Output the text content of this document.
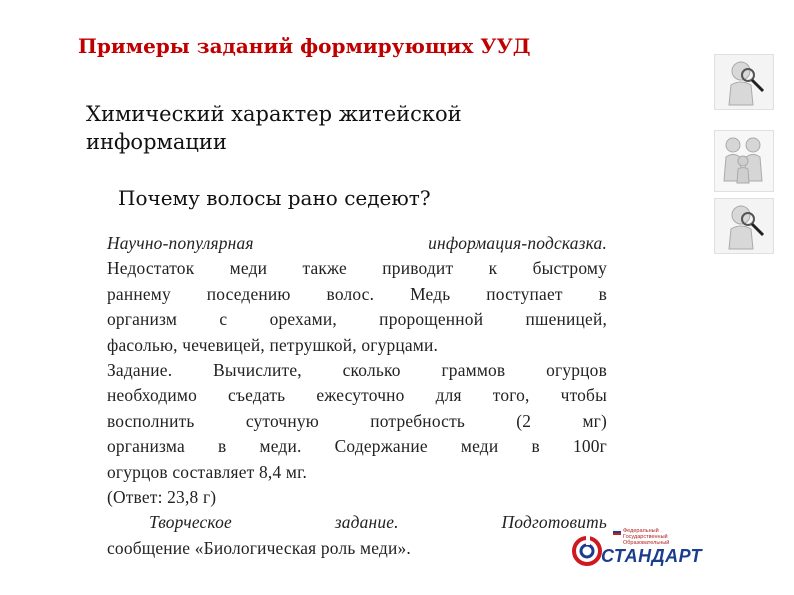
Примеры заданий формирующих УУД
Химический характер житейской информации
Почему волосы рано седеют?

Научно-популярная информация-подсказка.

Недостаток меди также приводит к быстрому

раннему поседению волос. Медь поступает в

организм с орехами, пророщенной пшеницей,

фасолью, чечевицей, петрушкой, огурцами.

Задание. Вычислите, сколько граммов огурцов

необходимо съедать ежесуточно для того, чтобы

восполнить суточную потребность (2 мг)

организма в меди. Содержание меди в 100г

огурцов составляет 8,4 мг.

(Ответ: 23,8 г)

Творческое задание. Подготовить

сообщение «Биологическая роль меди».

Федеральный
Государственный
Образовательный
СТАНДАРТ
